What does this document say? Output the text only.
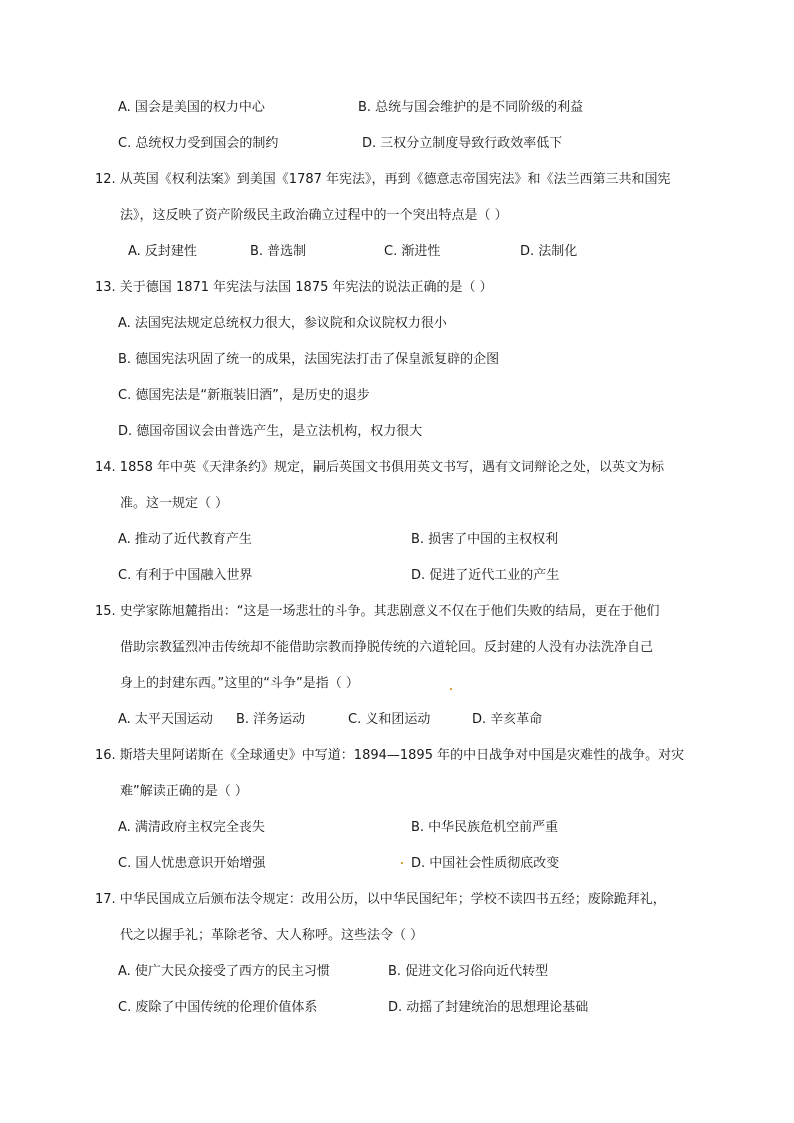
A. 国会是美国的权力中心	B. 总统与国会维护的是不同阶级的利益
C. 总统权力受到国会的制约	D. 三权分立制度导致行政效率低下
12. 从英国《权利法案》到美国《1787 年宪法》，再到《德意志帝国宪法》和《法兰西第三共和国宪
法》，这反映了资产阶级民主政治确立过程中的一个突出特点是（ ）
A. 反封建性	B. 普选制	C. 渐进性	D. 法制化
13. 关于德国 1871 年宪法与法国 1875 年宪法的说法正确的是（ ）
A. 法国宪法规定总统权力很大，参议院和众议院权力很小
B. 德国宪法巩固了统一的成果，法国宪法打击了保皇派复辟的企图
C. 德国宪法是“新瓶装旧酒”，是历史的退步
D. 德国帝国议会由普选产生，是立法机构，权力很大
14. 1858 年中英《天津条约》规定，嗣后英国文书俱用英文书写，遇有文词辩论之处，以英文为标
准。这一规定（ ）
A. 推动了近代教育产生	B. 损害了中国的主权权利
C. 有利于中国融入世界	D. 促进了近代工业的产生
15. 史学家陈旭麓指出：“这是一场悲壮的斗争。其悲剧意义不仅在于他们失败的结局，更在于他们
借助宗教猛烈冲击传统却不能借助宗教而挣脱传统的六道轮回。反封建的人没有办法洗净自己
身上的封建东西。”这里的“斗争”是指（ ）
A. 太平天国运动 B. 洋务运动	C. 义和团运动	D. 辛亥革命
16. 斯塔夫里阿诺斯在《全球通史》中写道：1894—1895 年的中日战争对中国是灾难性的战争。对灾
难”解读正确的是（ ）
A. 满清政府主权完全丧失	B. 中华民族危机空前严重
C. 国人忧患意识开始增强	D. 中国社会性质彻底改变
17. 中华民国成立后颁布法令规定：改用公历，以中华民国纪年；学校不读四书五经；废除跪拜礼，
代之以握手礼；革除老爷、大人称呼。这些法令（ ）
A. 使广大民众接受了西方的民主习惯	B. 促进文化习俗向近代转型
C. 废除了中国传统的伦理价值体系	D. 动摇了封建统治的思想理论基础
